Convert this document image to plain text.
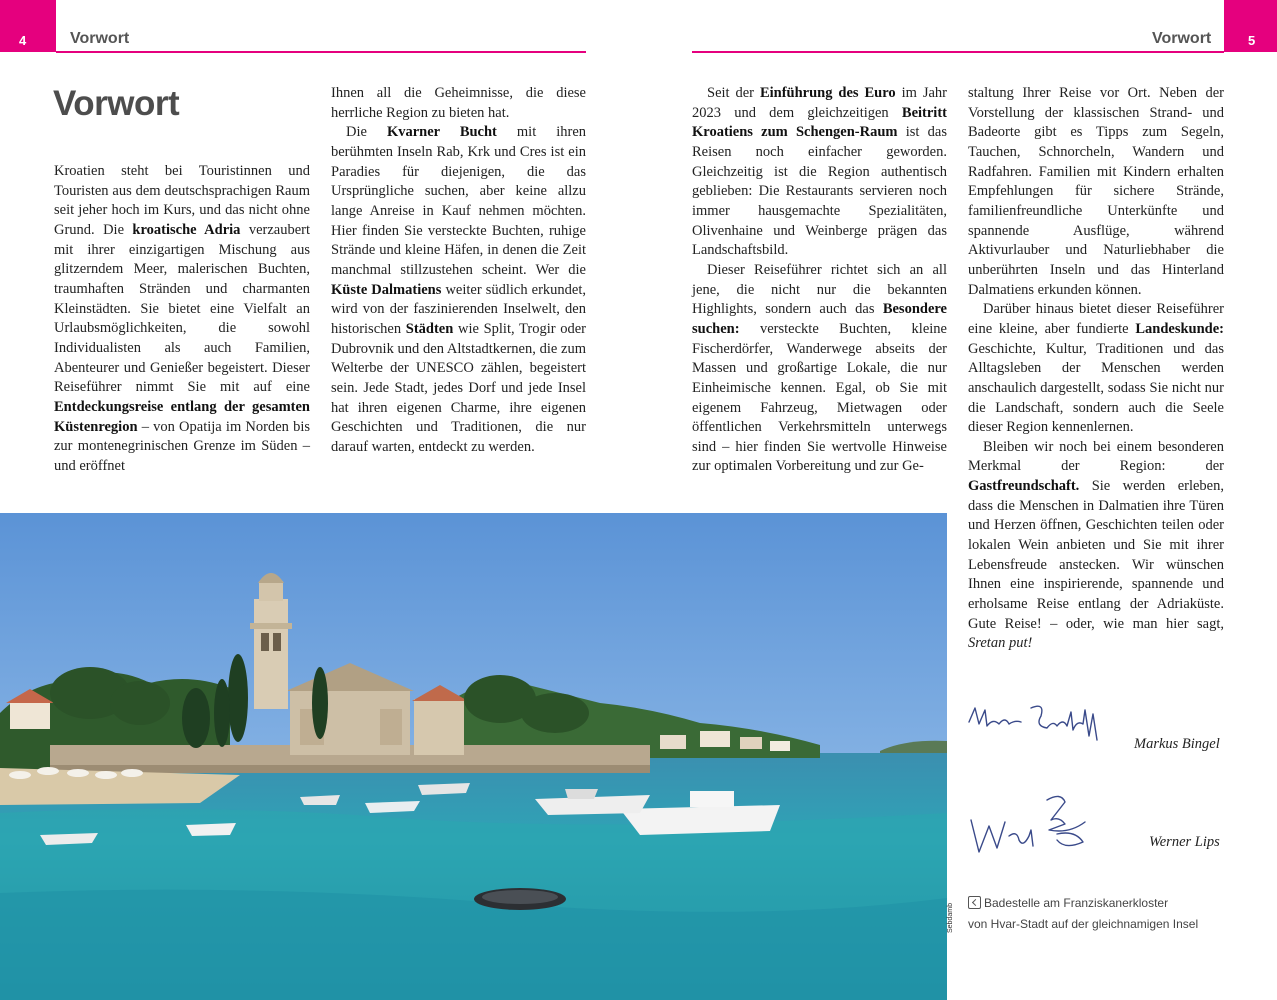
4	Vorwort	5
Vorwort
Vorwort

Kroatien steht bei Touristinnen und Touristen aus dem deutschsprachigen Raum seit jeher hoch im Kurs, und das nicht ohne Grund. Die kroatische Adria verzaubert mit ihrer einzigartigen Mischung aus glitzerndem Meer, malerischen Buchten, traumhaften Stränden und charmanten Kleinstädten. Sie bietet eine Vielfalt an Urlaubsmöglichkeiten, die sowohl Individualisten als auch Familien, Abenteurer und Genießer begeistert. Dieser Reiseführer nimmt Sie mit auf eine Entdeckungsreise entlang der gesamten Küstenregion – von Opatija im Norden bis zur montenegrinischen Grenze im Süden – und eröffnet

Ihnen all die Geheimnisse, die diese herrliche Region zu bieten hat.

Die Kvarner Bucht mit ihren berühmten Inseln Rab, Krk und Cres ist ein Paradies für diejenigen, die das Ursprüngliche suchen, aber keine allzu lange Anreise in Kauf nehmen möchten. Hier finden Sie versteckte Buchten, ruhige Strände und kleine Häfen, in denen die Zeit manchmal stillzustehen scheint. Wer die Küste Dalmatiens weiter südlich erkundet, wird von der faszinierenden Inselwelt, den historischen Städten wie Split, Trogir oder Dubrovnik und den Altstadtkernen, die zum Welterbe der UNESCO zählen, begeistert sein. Jede Stadt, jedes Dorf und jede Insel hat ihren eigenen Charme, ihre eigenen Geschichten und Traditionen, die nur darauf warten, entdeckt zu werden.

Seit der Einführung des Euro im Jahr 2023 und dem gleichzeitigen Beitritt Kroatiens zum Schengen-Raum ist das Reisen noch einfacher geworden. Gleichzeitig ist die Region authentisch geblieben: Die Restaurants servieren noch immer hausgemachte Spezialitäten, Olivenhaine und Weinberge prägen das Landschaftsbild.

Dieser Reiseführer richtet sich an all jene, die nicht nur die bekannten Highlights, sondern auch das Besondere suchen: versteckte Buchten, kleine Fischerdörfer, Wanderwege abseits der Massen und großartige Lokale, die nur Einheimische kennen. Egal, ob Sie mit eigenem Fahrzeug, Mietwagen oder öffentlichen Verkehrsmitteln unterwegs sind – hier finden Sie wertvolle Hinweise zur optimalen Vorbereitung und zur Ge-

staltung Ihrer Reise vor Ort. Neben der Vorstellung der klassischen Strand- und Badeorte gibt es Tipps zum Segeln, Tauchen, Schnorcheln, Wandern und Radfahren. Familien mit Kindern erhalten Empfehlungen für sichere Strände, familienfreundliche Unterkünfte und spannende Ausflüge, während Aktivurlauber und Naturliebhaber die unberührten Inseln und das Hinterland Dalmatiens erkunden können.

Darüber hinaus bietet dieser Reiseführer eine kleine, aber fundierte Landeskunde: Geschichte, Kultur, Traditionen und das Alltagsleben der Menschen werden anschaulich dargestellt, sodass Sie nicht nur die Landschaft, sondern auch die Seele dieser Region kennenlernen.

Bleiben wir noch bei einem besonderen Merkmal der Region: der Gastfreundschaft. Sie werden erleben, dass die Menschen in Dalmatien ihre Türen und Herzen öffnen, Geschichten teilen oder lokalen Wein anbieten und Sie mit ihrer Lebensfreude anstecken. Wir wünschen Ihnen eine inspirierende, spannende und erholsame Reise entlang der Adriaküste. Gute Reise! – oder, wie man hier sagt, Sretan put!

Sebdamb
Markus Bingel
Werner Lips
Badestelle am Franziskanerkloster
von Hvar-Stadt auf der gleichnamigen Insel
